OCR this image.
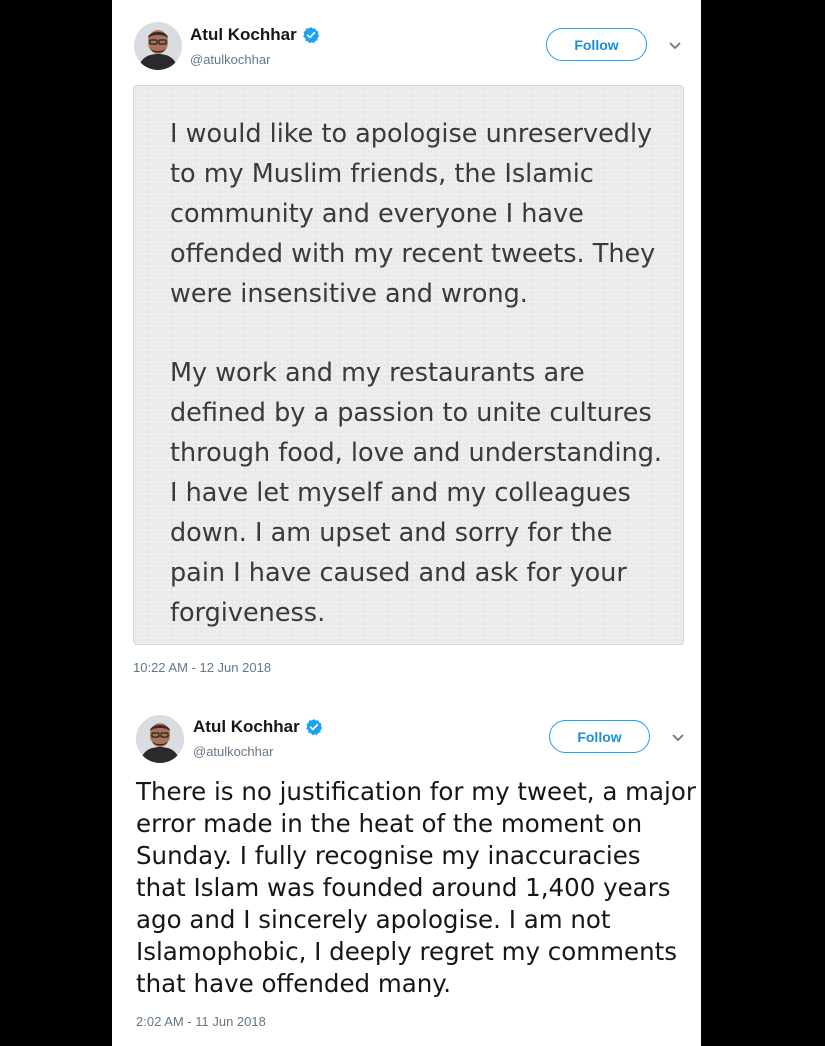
Atul Kochhar
@atulkochhar
Follow

I would like to apologise unreservedly to my Muslim friends, the Islamic community and everyone I have offended with my recent tweets. They were insensitive and wrong.

My work and my restaurants are defined by a passion to unite cultures through food, love and understanding. I have let myself and my colleagues down. I am upset and sorry for the pain I have caused and ask for your forgiveness.

10:22 AM - 12 Jun 2018
Atul Kochhar
@atulkochhar
Follow

There is no justification for my tweet, a major error made in the heat of the moment on Sunday. I fully recognise my inaccuracies that Islam was founded around 1,400 years ago and I sincerely apologise. I am not Islamophobic, I deeply regret my comments that have offended many.

2:02 AM - 11 Jun 2018
